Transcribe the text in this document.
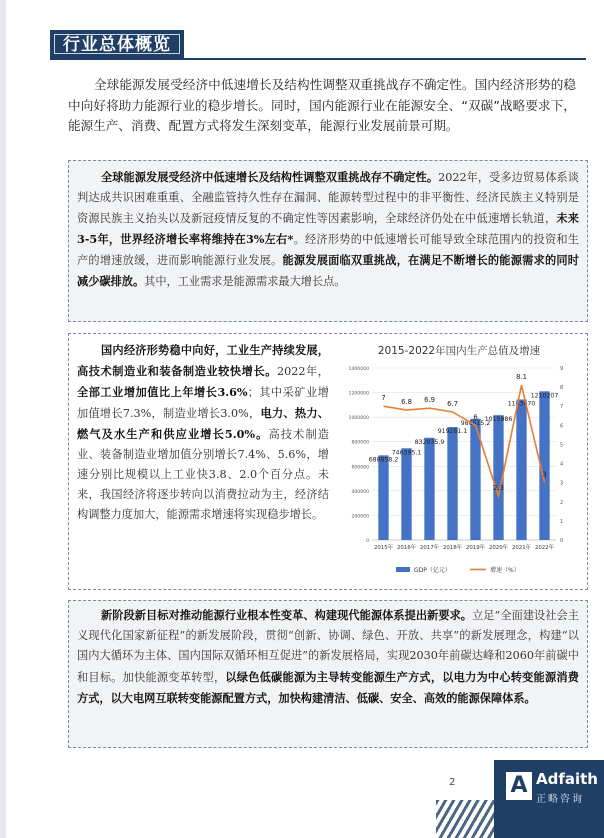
行业总体概览

全球能源发展受经济中低速增长及结构性调整双重挑战存不确定性。国内经济形势的稳中向好将助力能源行业的稳步增长。同时，国内能源行业在能源安全、“双碳”战略要求下，能源生产、消费、配置方式将发生深刻变革，能源行业发展前景可期。

全球能源发展受经济中低速增长及结构性调整双重挑战存不确定性。2022年，受多边贸易体系谈判达成共识困难重重、全融监管持久性存在漏洞、能源转型过程中的非平衡性、经济民族主义特别是资源民族主义抬头以及新冠疫情反复的不确定性等因素影响，全球经济仍处在中低速增长轨道，未来3-5年，世界经济增长率将维持在3%左右*。经济形势的中低速增长可能导致全球范围内的投资和生产的增速放缓，进而影响能源行业发展。能源发展面临双重挑战，在满足不断增长的能源需求的同时减少碳排放。其中，工业需求是能源需求最大增长点。

国内经济形势稳中向好，工业生产持续发展，高技术制造业和装备制造业较快增长。2022年，全部工业增加值比上年增长3.6%；其中采矿业增加值增长7.3%，制造业增长3.0%，电力、热力、燃气及水生产和供应业增长5.0%。高技术制造业、装备制造业增加值分别增长7.4%、5.6%，增速分别比规模以上工业快3.8、2.0个百分点。未来，我国经济将逐步转向以消费拉动为主，经济结构调整力度加大，能源需求增速将实现稳步增长。

2015-2022年国内生产总值及增速
0
200000
400000
600000
800000
1000000
1200000
1400000
0
1
2
3
4
5
6
7
8
9
688858.2
2015年
746395.1
2016年
832035.9
2017年
919281.1
2018年
986515.2
2019年
1015986
2020年
1143670
2021年
1210207
2022年
7 6.8 6.9 6.7
6
2.3
8.1
3
GDP（亿元）	增速（%）

新阶段新目标对推动能源行业根本性变革、构建现代能源体系提出新要求。立足“全面建设社会主义现代化国家新征程”的新发展阶段，贯彻“创新、协调、绿色、开放、共享”的新发展理念，构建“以国内大循环为主体、国内国际双循环相互促进”的新发展格局，实现2030年前碳达峰和2060年前碳中和目标。加快能源变革转型，以绿色低碳能源为主导转变能源生产方式，以电力为中心转变能源消费方式，以大电网互联转变能源配置方式，加快构建清洁、低碳、安全、高效的能源保障体系。

2	A Adfaith
正略咨询
